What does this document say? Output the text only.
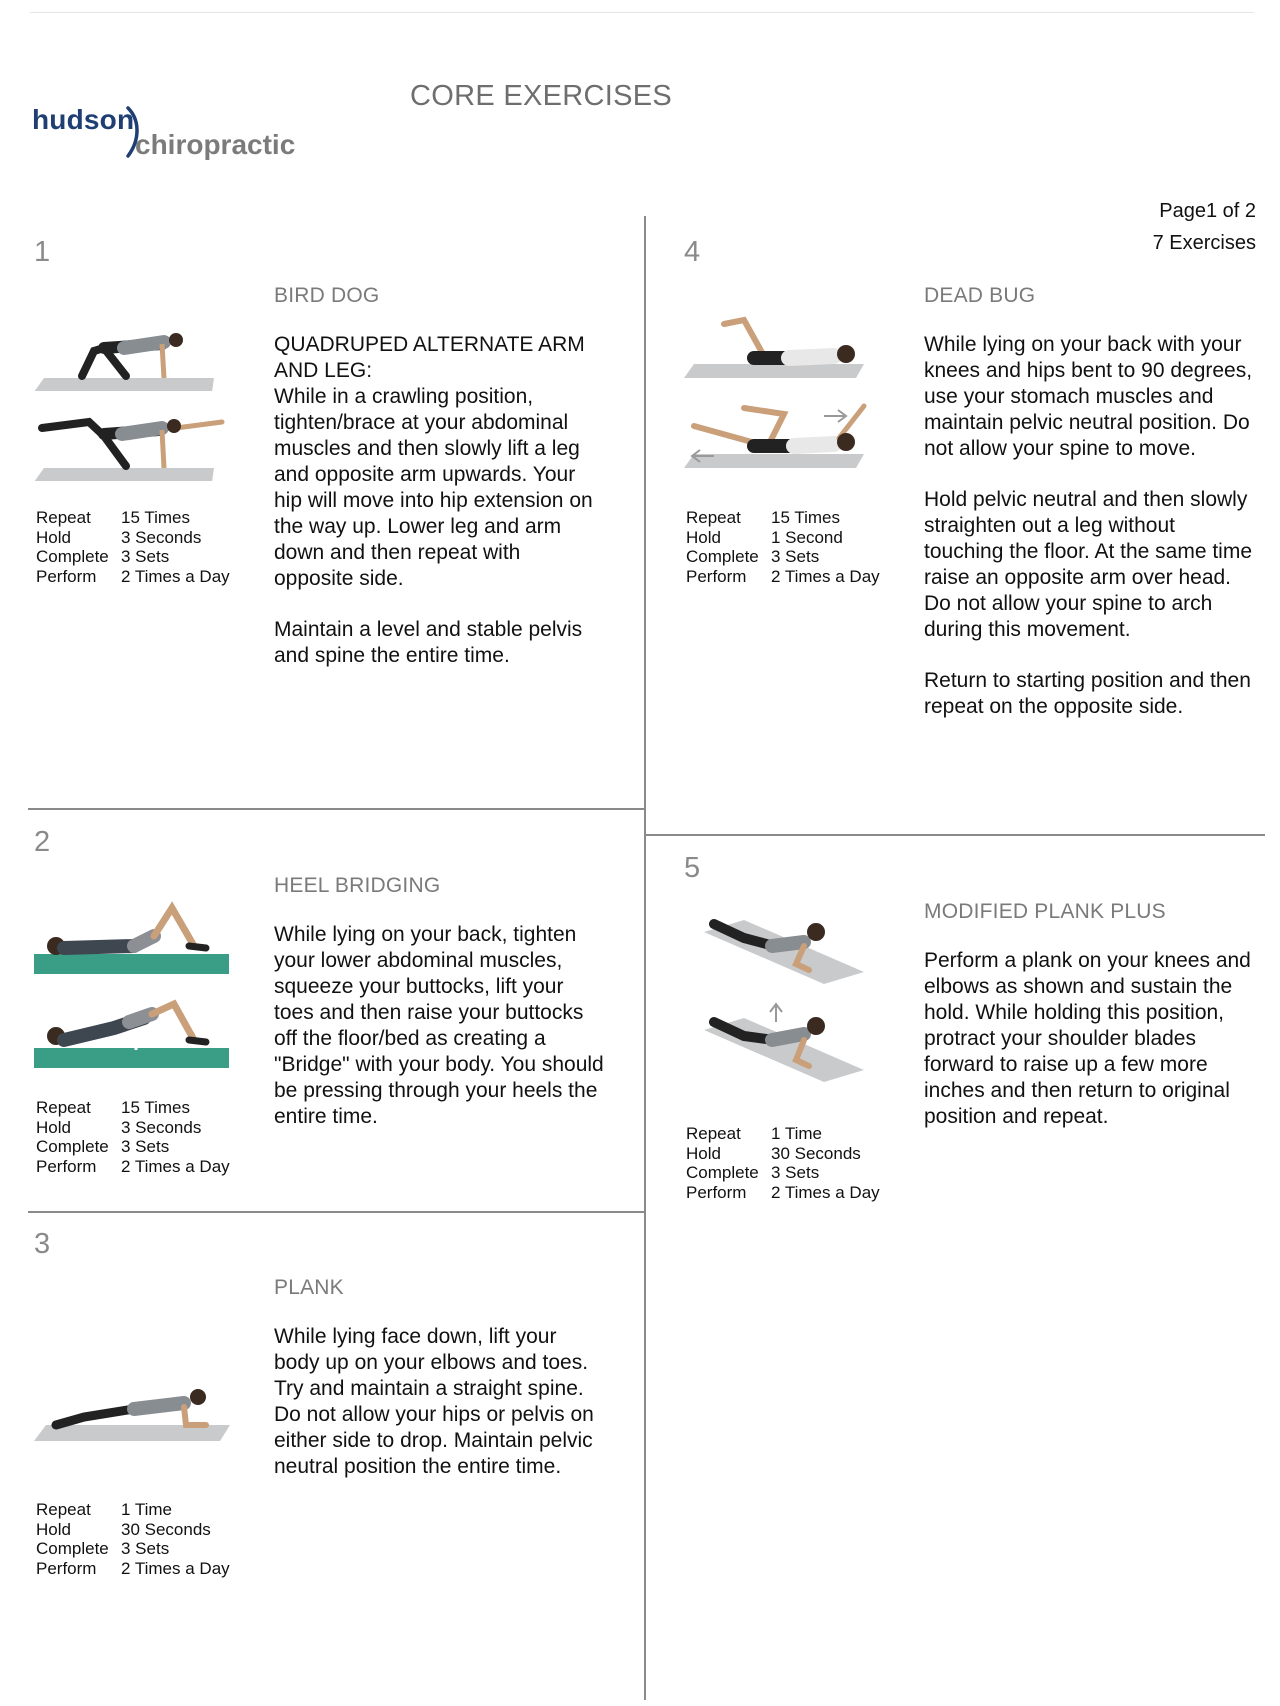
hudson
chiropractic
CORE EXERCISES
Page1 of 2
7 Exercises
1
BIRD DOG

QUADRUPED ALTERNATE ARM AND LEG:
While in a crawling position, tighten/brace at your abdominal muscles and then slowly lift a leg and opposite arm upwards. Your hip will move into hip extension on the way up. Lower leg and arm down and then repeat with opposite side.

Maintain a level and stable pelvis and spine the entire time.

Repeat	15 Times
Hold	3 Seconds
Complete 3 Sets
Perform	2 Times a Day
2
HEEL BRIDGING

While lying on your back, tighten your lower abdominal muscles, squeeze your buttocks, lift your toes and then raise your buttocks off the floor/bed as creating a "Bridge" with your body. You should be pressing through your heels the entire time.

Repeat	15 Times
Hold	3 Seconds
Complete 3 Sets
Perform	2 Times a Day
3
PLANK

While lying face down, lift your body up on your elbows and toes. Try and maintain a straight spine. Do not allow your hips or pelvis on either side to drop. Maintain pelvic neutral position the entire time.

Repeat	1 Time
Hold	30 Seconds
Complete 3 Sets
Perform	2 Times a Day
4
DEAD BUG

While lying on your back with your knees and hips bent to 90 degrees, use your stomach muscles and maintain pelvic neutral position. Do not allow your spine to move.

Hold pelvic neutral and then slowly straighten out a leg without touching the floor. At the same time raise an opposite arm over head. Do not allow your spine to arch during this movement.

Return to starting position and then repeat on the opposite side.

Repeat	15 Times
Hold	1 Second
Complete 3 Sets
Perform	2 Times a Day
5
MODIFIED PLANK PLUS

Perform a plank on your knees and elbows as shown and sustain the hold. While holding this position, protract your shoulder blades forward to raise up a few more inches and then return to original position and repeat.

Repeat	1 Time
Hold	30 Seconds
Complete 3 Sets
Perform	2 Times a Day
